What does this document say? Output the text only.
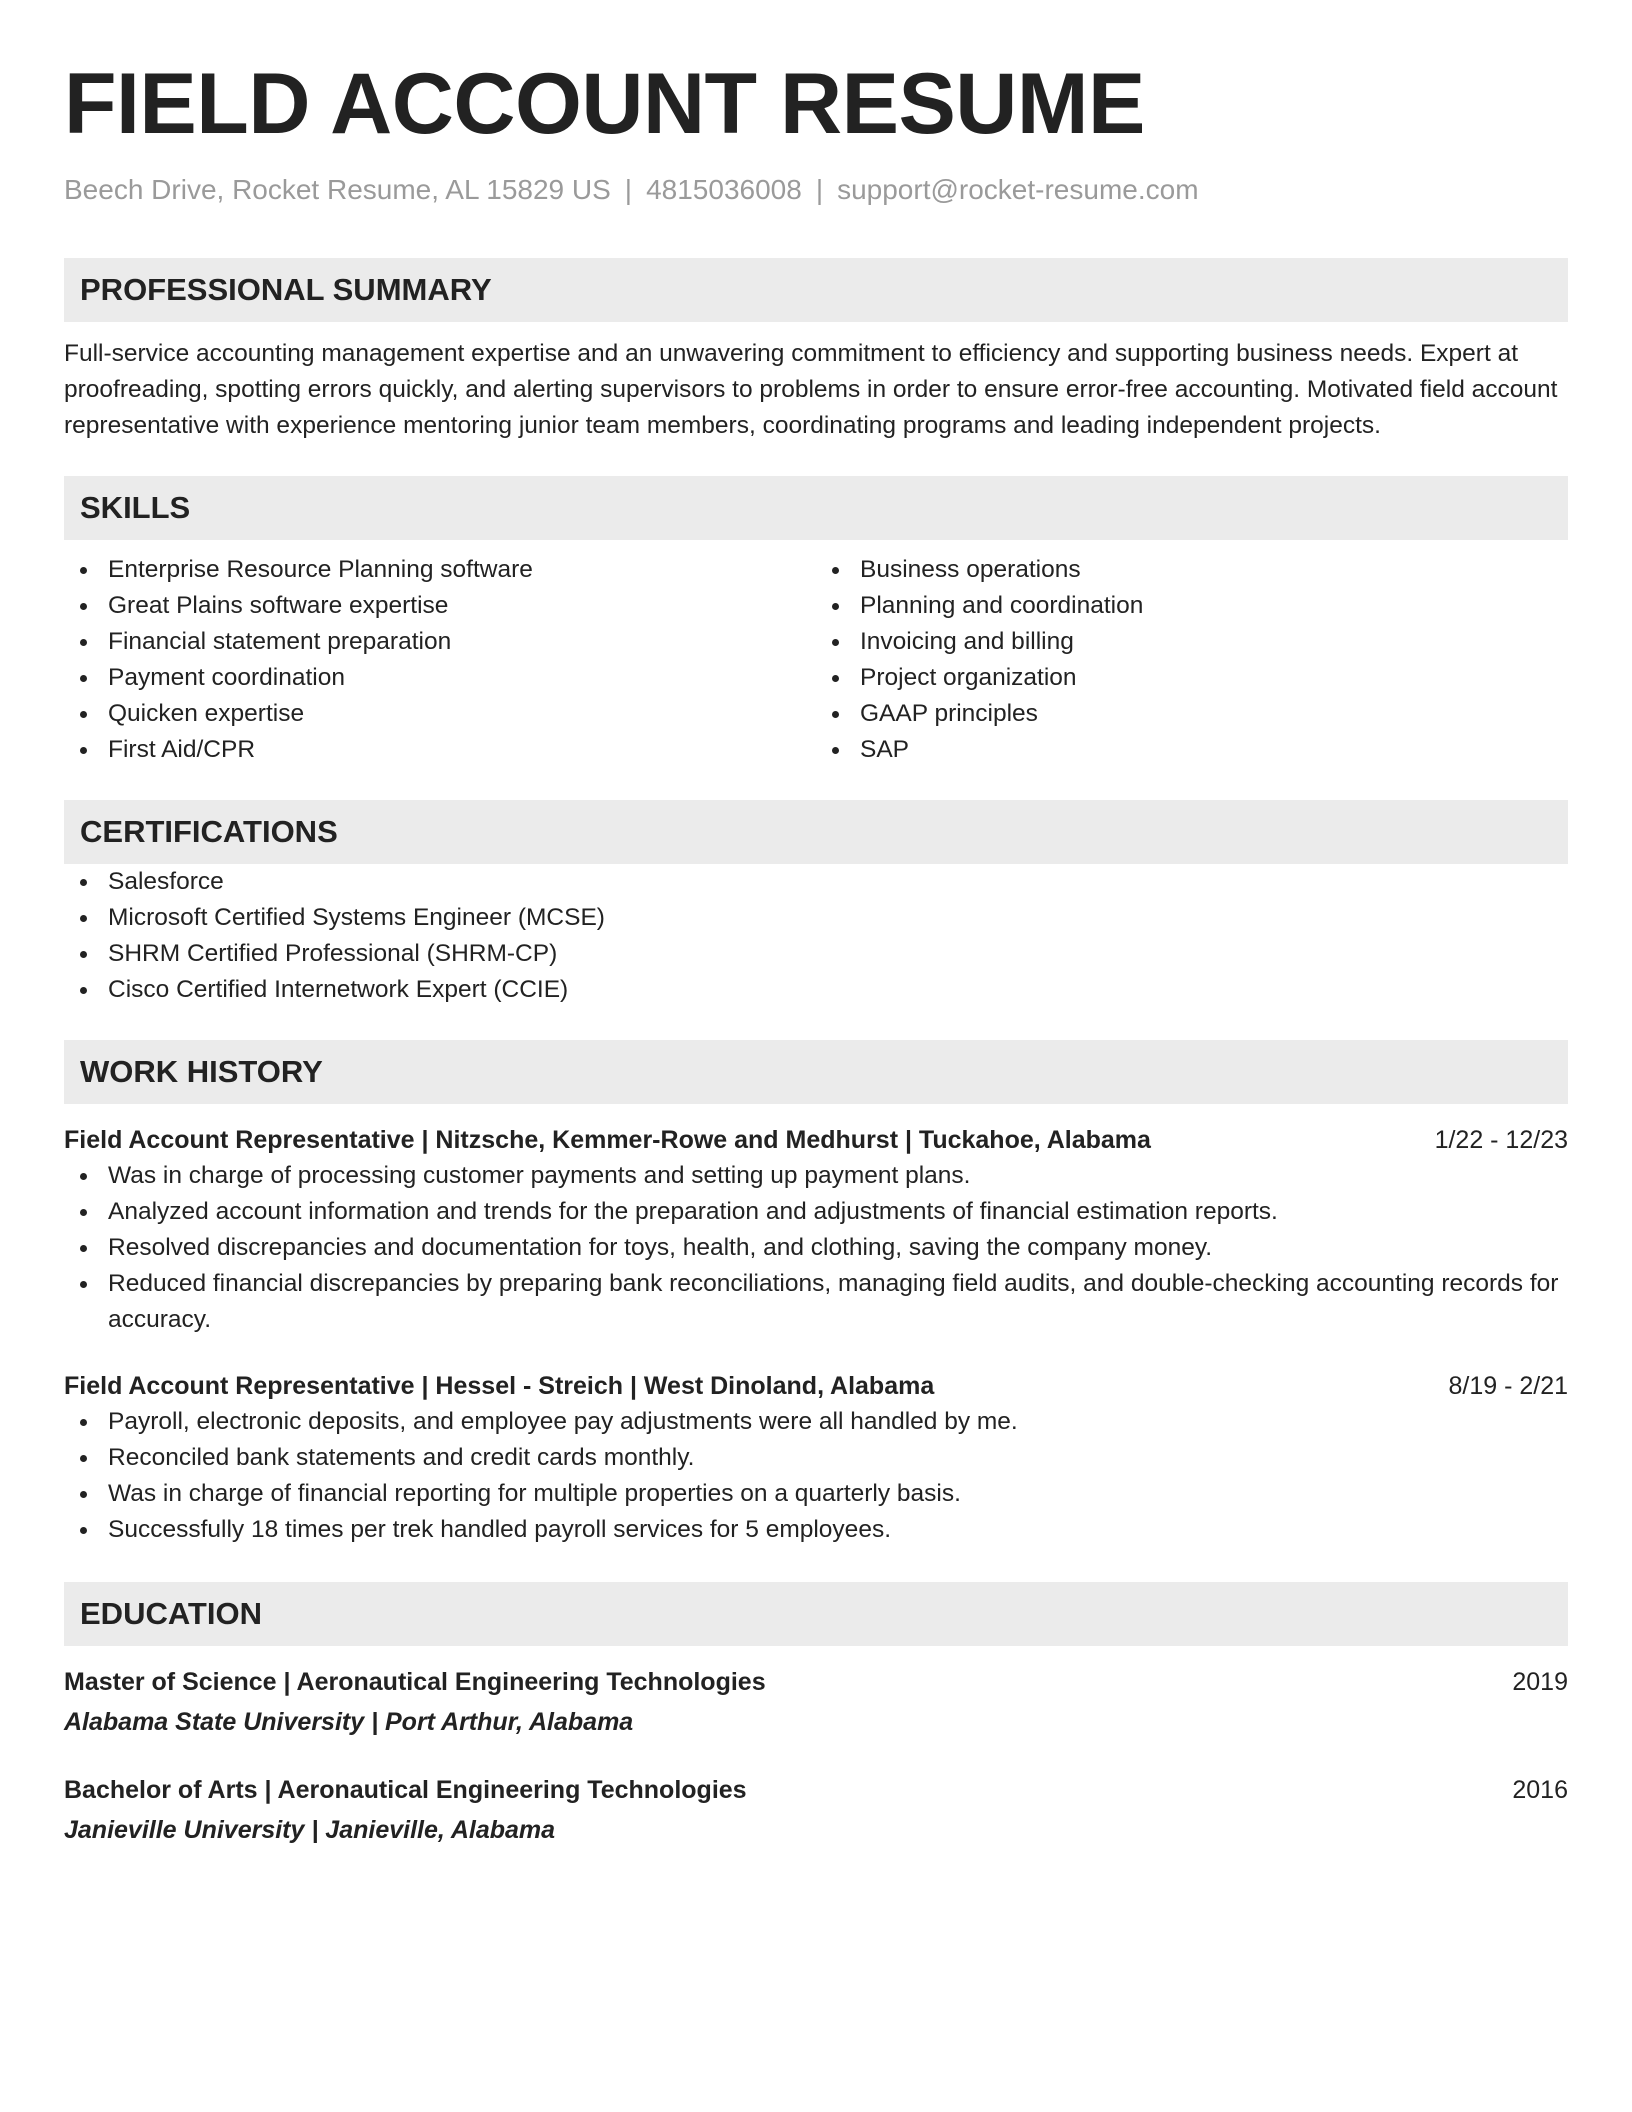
FIELD ACCOUNT RESUME
Beech Drive, Rocket Resume, AL 15829 US | 4815036008 | support@rocket-resume.com
PROFESSIONAL SUMMARY
Full-service accounting management expertise and an unwavering commitment to efficiency and supporting business needs. Expert at proofreading, spotting errors quickly, and alerting supervisors to problems in order to ensure error-free accounting. Motivated field account representative with experience mentoring junior team members, coordinating programs and leading independent projects.
SKILLS
Enterprise Resource Planning software
Great Plains software expertise
Financial statement preparation
Payment coordination
Quicken expertise
First Aid/CPR
Business operations
Planning and coordination
Invoicing and billing
Project organization
GAAP principles
SAP
CERTIFICATIONS
Salesforce
Microsoft Certified Systems Engineer (MCSE)
SHRM Certified Professional (SHRM-CP)
Cisco Certified Internetwork Expert (CCIE)
WORK HISTORY
Field Account Representative | Nitzsche, Kemmer-Rowe and Medhurst | Tuckahoe, Alabama	1/22 - 12/23
Was in charge of processing customer payments and setting up payment plans.
Analyzed account information and trends for the preparation and adjustments of financial estimation reports.
Resolved discrepancies and documentation for toys, health, and clothing, saving the company money.
Reduced financial discrepancies by preparing bank reconciliations, managing field audits, and double-checking accounting records for accuracy.
Field Account Representative | Hessel - Streich | West Dinoland, Alabama	8/19 - 2/21
Payroll, electronic deposits, and employee pay adjustments were all handled by me.
Reconciled bank statements and credit cards monthly.
Was in charge of financial reporting for multiple properties on a quarterly basis.
Successfully 18 times per trek handled payroll services for 5 employees.
EDUCATION
Master of Science | Aeronautical Engineering Technologies	2019
Alabama State University | Port Arthur, Alabama
Bachelor of Arts | Aeronautical Engineering Technologies	2016
Janieville University | Janieville, Alabama
